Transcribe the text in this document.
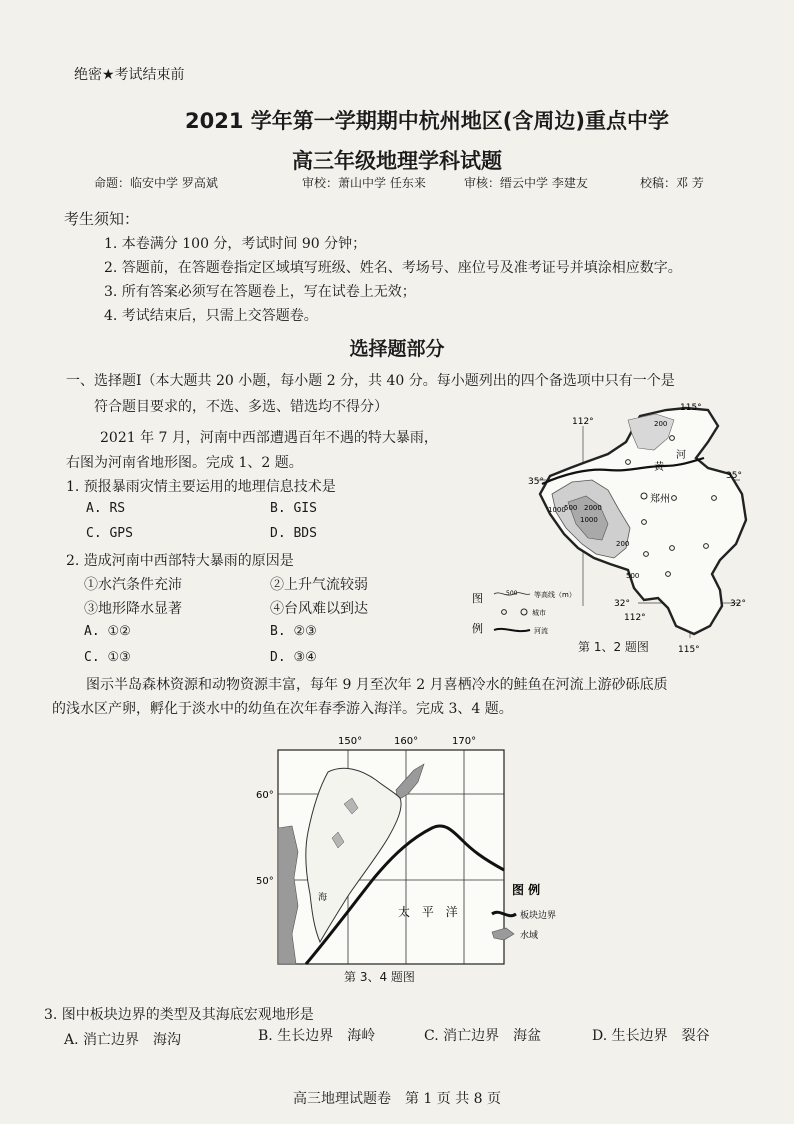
绝密★考试结束前
2021 学年第一学期期中杭州地区(含周边)重点中学
高三年级地理学科试题
命题：临安中学 罗高斌	审校：萧山中学 任东来	审核：缙云中学 李建友	校稿：邓 芳
考生须知：
1. 本卷满分 100 分，考试时间 90 分钟；
2. 答题前，在答题卷指定区域填写班级、姓名、考场号、座位号及准考证号并填涂相应数字。
3. 所有答案必须写在答题卷上，写在试卷上无效；
4. 考试结束后，只需上交答题卷。
选择题部分
一、选择题Ⅰ（本大题共 20 小题，每小题 2 分，共 40 分。每小题列出的四个备选项中只有一个是
符合题目要求的，不选、多选、错选均不得分）
2021 年 7 月，河南中西部遭遇百年不遇的特大暴雨，
右图为河南省地形图。完成 1、2 题。
1. 预报暴雨灾情主要运用的地理信息技术是
A. RS	B. GIS
C. GPS	D. BDS
2. 造成河南中西部特大暴雨的原因是
①水汽条件充沛	②上升气流较弱
③地形降水显著	④台风难以到达
A. ①②	B. ②③
C. ①③	D. ③④
112°
115°
112°
115°
35°
35°
32°	32°
200
500
1000
1000
2000
200
500
郑州
黄
河
图
例
500 等高线（m）
城市
河流
第 1、2 题图
图示半岛森林资源和动物资源丰富，每年 9 月至次年 2 月喜栖冷水的鲑鱼在河流上游砂砾底质
的浅水区产卵，孵化于淡水中的幼鱼在次年春季游入海洋。完成 3、4 题。
150°	160°	170°
60°
50°
太 平 洋
海
图 例
板块边界
水域
第 3、4 题图
3. 图中板块边界的类型及其海底宏观地形是
A. 消亡边界　海沟	B. 生长边界　海岭	C. 消亡边界　海盆	D. 生长边界　裂谷
高三地理试题卷　第 1 页 共 8 页
